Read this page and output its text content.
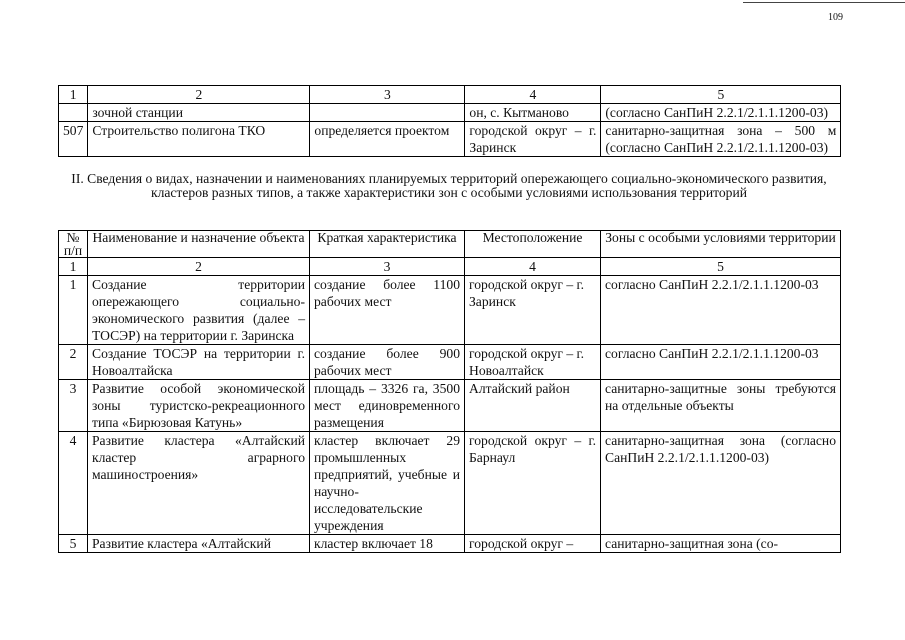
109
1	2	3	4	5
	зочной станции		он, с. Кытманово	(согласно СанПиН 2.2.1/2.1.1.1200-03)
507	Строительство полигона ТКО	определяется проектом	городской округ – г. Заринск	санитарно-защитная зона – 500 м (согласно СанПиН 2.2.1/2.1.1.1200-03)
II. Сведения о видах, назначении и наименованиях планируемых территорий опережающего социально-экономического развития, кластеров разных типов, а также характеристики зон с особыми условиями использования территорий
№ п/п	Наименование и назначение объекта	Краткая характеристика	Местоположение	Зоны с особыми условиями территории
1	2	3	4	5
1	Создание территории опережающего социально-экономического развития (далее – ТОСЭР) на территории г. Заринска	создание более 1100 рабочих мест	городской округ – г. Заринск	согласно СанПиН 2.2.1/2.1.1.1200-03
2	Создание ТОСЭР на территории г. Новоалтайска	создание более 900 рабочих мест	городской округ – г. Новоалтайск	согласно СанПиН 2.2.1/2.1.1.1200-03
3	Развитие особой экономической зоны туристско-рекреационного типа «Бирюзовая Катунь»	площадь – 3326 га, 3500 мест единовременного размещения	Алтайский район	санитарно-защитные зоны требуются на отдельные объекты
4	Развитие кластера «Алтайский кластер аграрного машиностроения»	кластер включает 29 промышленных предприятий, учебные и научно-исследовательские учреждения	городской округ – г. Барнаул	санитарно-защитная зона (согласно СанПиН 2.2.1/2.1.1.1200-03)
5	Развитие кластера «Алтайский	кластер включает 18	городской округ –	санитарно-защитная зона (со-
